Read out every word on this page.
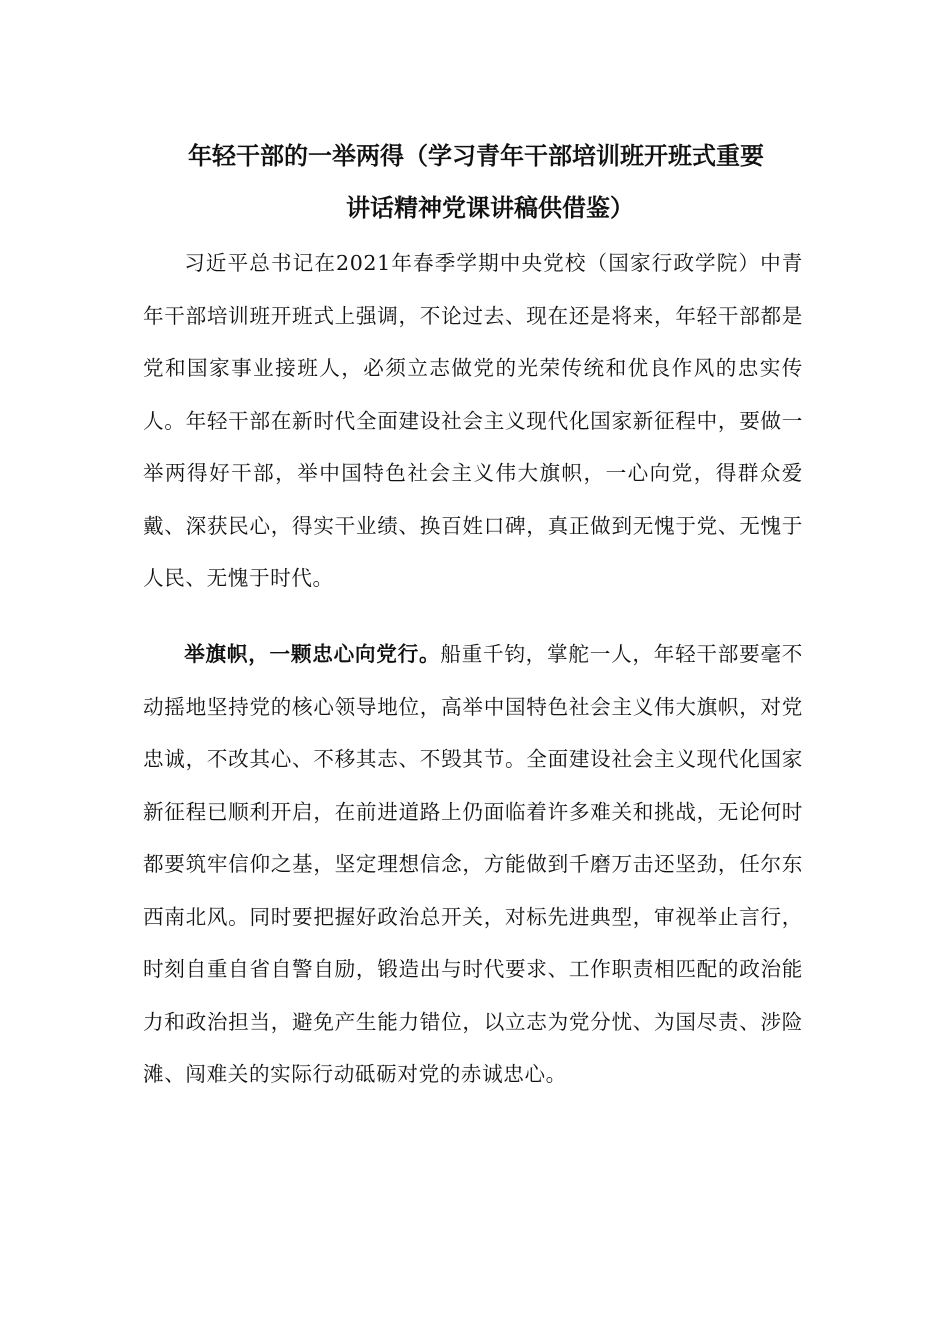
年轻干部的一举两得（学习青年干部培训班开班式重要
讲话精神党课讲稿供借鉴）

习近平总书记在2021年春季学期中央党校（国家行政学院）中青年干部培训班开班式上强调，不论过去、现在还是将来，年轻干部都是党和国家事业接班人，必须立志做党的光荣传统和优良作风的忠实传人。年轻干部在新时代全面建设社会主义现代化国家新征程中，要做一举两得好干部，举中国特色社会主义伟大旗帜，一心向党，得群众爱戴、深获民心，得实干业绩、换百姓口碑，真正做到无愧于党、无愧于人民、无愧于时代。

举旗帜，一颗忠心向党行。船重千钧，掌舵一人，年轻干部要毫不动摇地坚持党的核心领导地位，高举中国特色社会主义伟大旗帜，对党忠诚，不改其心、不移其志、不毁其节。全面建设社会主义现代化国家新征程已顺利开启，在前进道路上仍面临着许多难关和挑战，无论何时都要筑牢信仰之基，坚定理想信念，方能做到千磨万击还坚劲，任尔东西南北风。同时要把握好政治总开关，对标先进典型，审视举止言行，时刻自重自省自警自励，锻造出与时代要求、工作职责相匹配的政治能力和政治担当，避免产生能力错位，以立志为党分忧、为国尽责、涉险滩、闯难关的实际行动砥砺对党的赤诚忠心。
